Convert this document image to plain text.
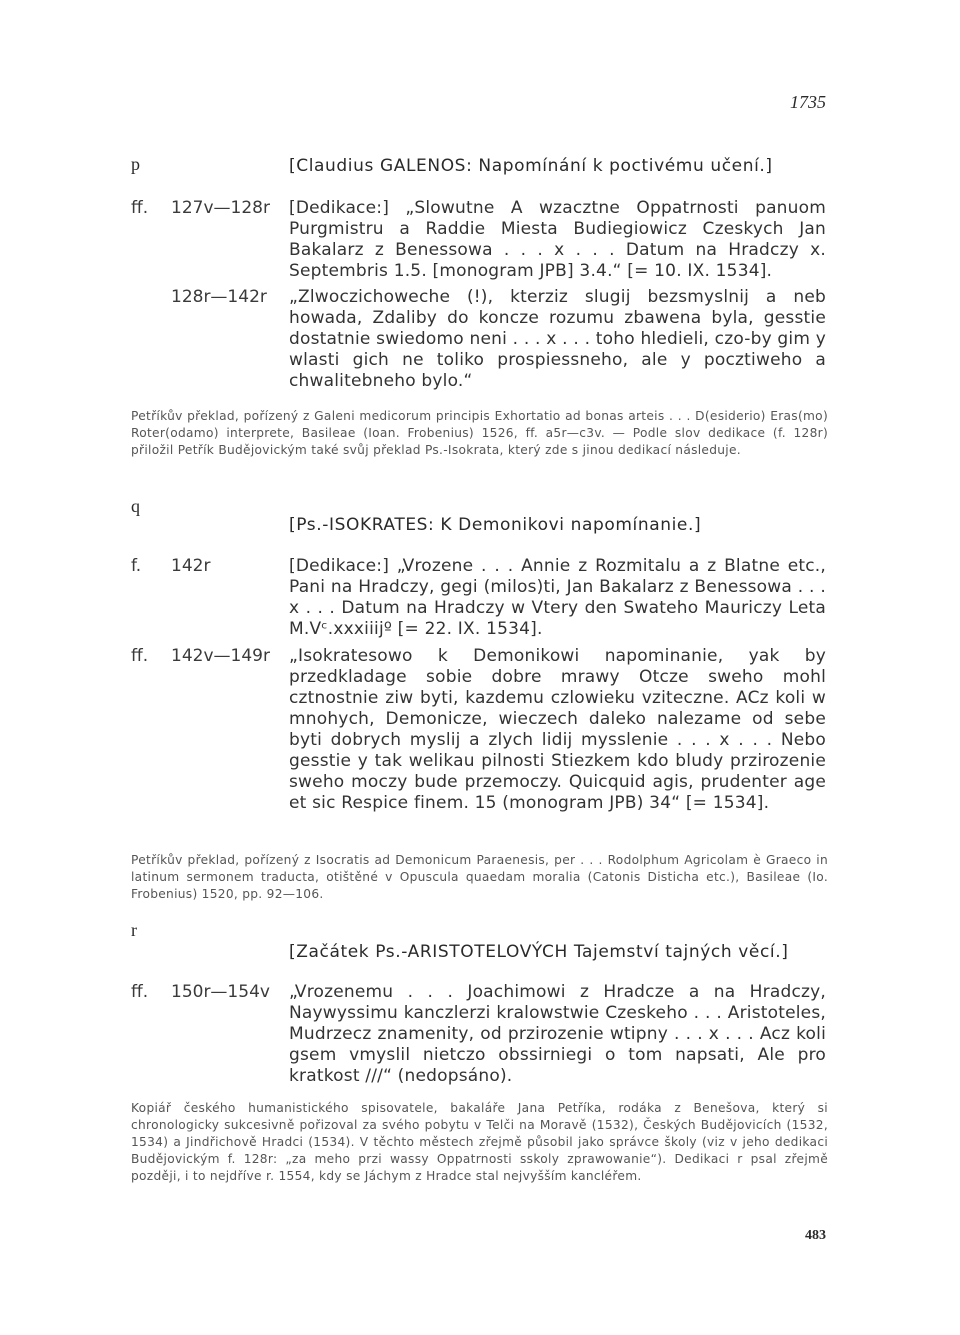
1735
p	[Claudius GALENOS: Napomínání k poctivému učení.]
ff. 127v—128r [Dedikace:] „Slowutne A wzacztne Oppatrnosti panuom Purgmistru a Raddie Miesta Budiegiowicz Czeskych Jan Bakalarz z Benessowa . . . x . . . Datum na Hradczy x. Septembris 1.5. [monogram JPB] 3.4.“ [= 10. IX. 1534].
128r—142r „Zlwoczichoweche (!), kterziz slugij bezsmyslnij a neb howada, Zdaliby do koncze rozumu zbawena byla, gesstie dostatnie swiedomo neni . . . x . . . toho hledieli, czo-by gim y wlasti gich ne toliko prospiessneho, ale y pocztiweho a chwalitebneho bylo.“
Petříkův překlad, pořízený z Galeni medicorum principis Exhortatio ad bonas arteis . . . D(esiderio) Eras(mo) Roter(odamo) interprete, Basileae (Ioan. Frobenius) 1526, ff. a5r—c3v. — Podle slov dedikace (f. 128r) přiložil Petřík Budějovickým také svůj překlad Ps.-Isokrata, který zde s jinou dedikací následuje.
q
[Ps.-ISOKRATES: K Demonikovi napomínanie.]
f. 142r	[Dedikace:] „Vrozene . . . Annie z Rozmitalu a z Blatne etc., Pani na Hradczy, gegi (milos)ti, Jan Bakalarz z Benessowa . . . x . . . Datum na Hradczy w Vtery den Swateho Mauriczy Leta M.Vᶜ.xxxiiijº [= 22. IX. 1534].
ff. 142v—149r „Isokratesowo k Demonikowi napominanie, yak by przedkladage sobie dobre mrawy Otcze sweho mohl cztnostnie ziw byti, kazdemu czlowieku vziteczne. ACz koli w mnohych, Demonicze, wieczech daleko nalezame od sebe byti dobrych myslij a zlych lidij mysslenie . . . x . . . Nebo gesstie y tak welikau pilnosti Stiezkem kdo bludy przirozenie sweho moczy bude przemoczy. Quicquid agis, prudenter age et sic Respice finem. 15 (monogram JPB) 34“ [= 1534].
Petříkův překlad, pořízený z Isocratis ad Demonicum Paraenesis, per . . . Rodolphum Agricolam è Graeco in latinum sermonem traducta, otištěné v Opuscula quaedam moralia (Catonis Disticha etc.), Basileae (Io. Frobenius) 1520, pp. 92—106.
r
[Začátek Ps.-ARISTOTELOVÝCH Tajemství tajných věcí.]
ff. 150r—154v „Vrozenemu . . . Joachimowi z Hradcze a na Hradczy, Naywyssimu kanczlerzi kralowstwie Czeskeho . . . Aristoteles, Mudrzecz znamenity, od przirozenie wtipny . . . x . . . Acz koli gsem vmyslil nietczo obssirniegi o tom napsati, Ale pro kratkost ///“ (nedopsáno).
Kopiář českého humanistického spisovatele, bakaláře Jana Petříka, rodáka z Benešova, který si chronologicky sukcesivně pořizoval za svého pobytu v Telči na Moravě (1532), Českých Budějovicích (1532, 1534) a Jindřichově Hradci (1534). V těchto městech zřejmě působil jako správce školy (viz v jeho dedikaci Budějovickým f. 128r: „za meho przi wassy Oppatrnosti sskoly zprawowanie“). Dedikaci r psal zřejmě později, i to nejdříve r. 1554, kdy se Jáchym z Hradce stal nejvyšším kancléřem.
483
